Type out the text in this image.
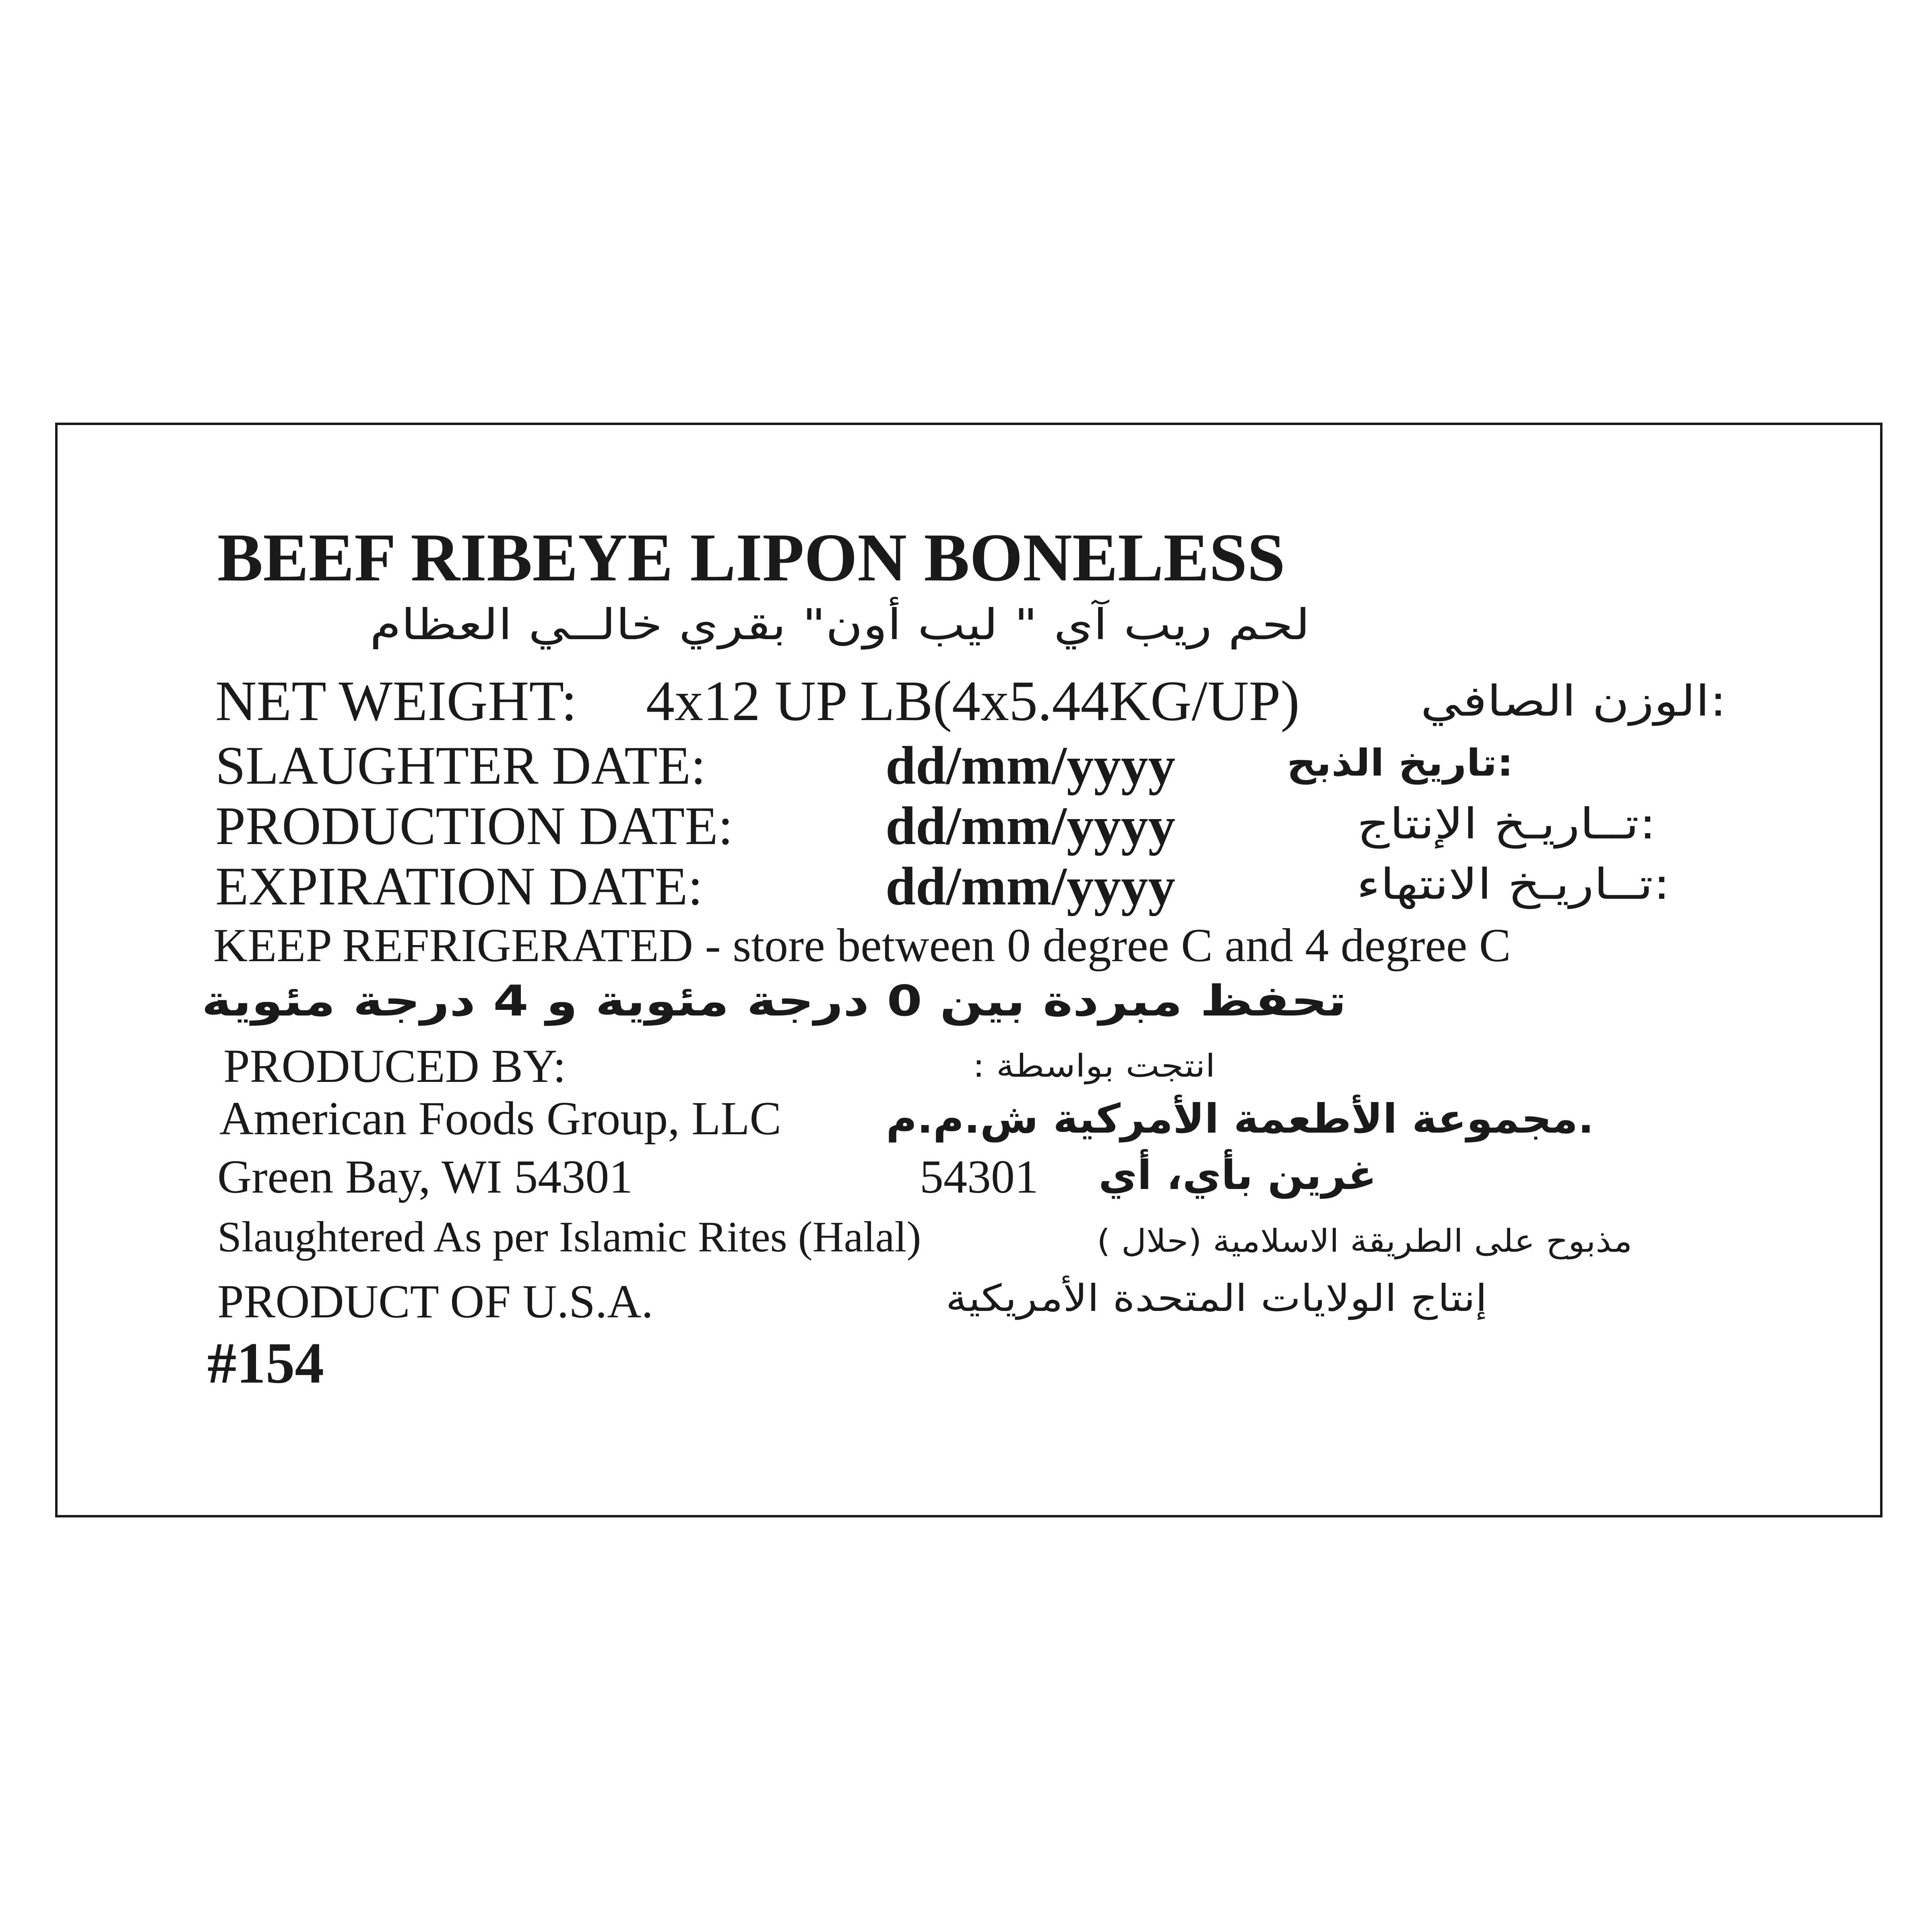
BEEF RIBEYE LIPON BONELESS
لحم ريب آي " ليب أون" بقري خالــي العظام
NET WEIGHT: 4x12 UP LB(4x5.44KG/UP)	:الوزن الصافي
SLAUGHTER DATE:	dd/mm/yyyy	:تاريخ الذبح
PRODUCTION DATE:	dd/mm/yyyy	:تــاريـخ الإنتاج
EXPIRATION DATE:	dd/mm/yyyy	:تــاريـخ الانتهاء
KEEP REFRIGERATED - store between 0 degree C and 4 degree C
تحفظ مبردة بين 0 درجة مئوية و 4 درجة مئوية
PRODUCED BY:	انتجت بواسطة :
American Foods Group, LLC	.مجموعة الأطعمة الأمركية ش.م.م
Green Bay, WI 54301	54301 غرين بأي، أي
Slaughtered As per Islamic Rites (Halal)	مذبوح على الطريقة الاسلامية (حلال )
PRODUCT OF U.S.A.	إنتاج الولايات المتحدة الأمريكية
#154
